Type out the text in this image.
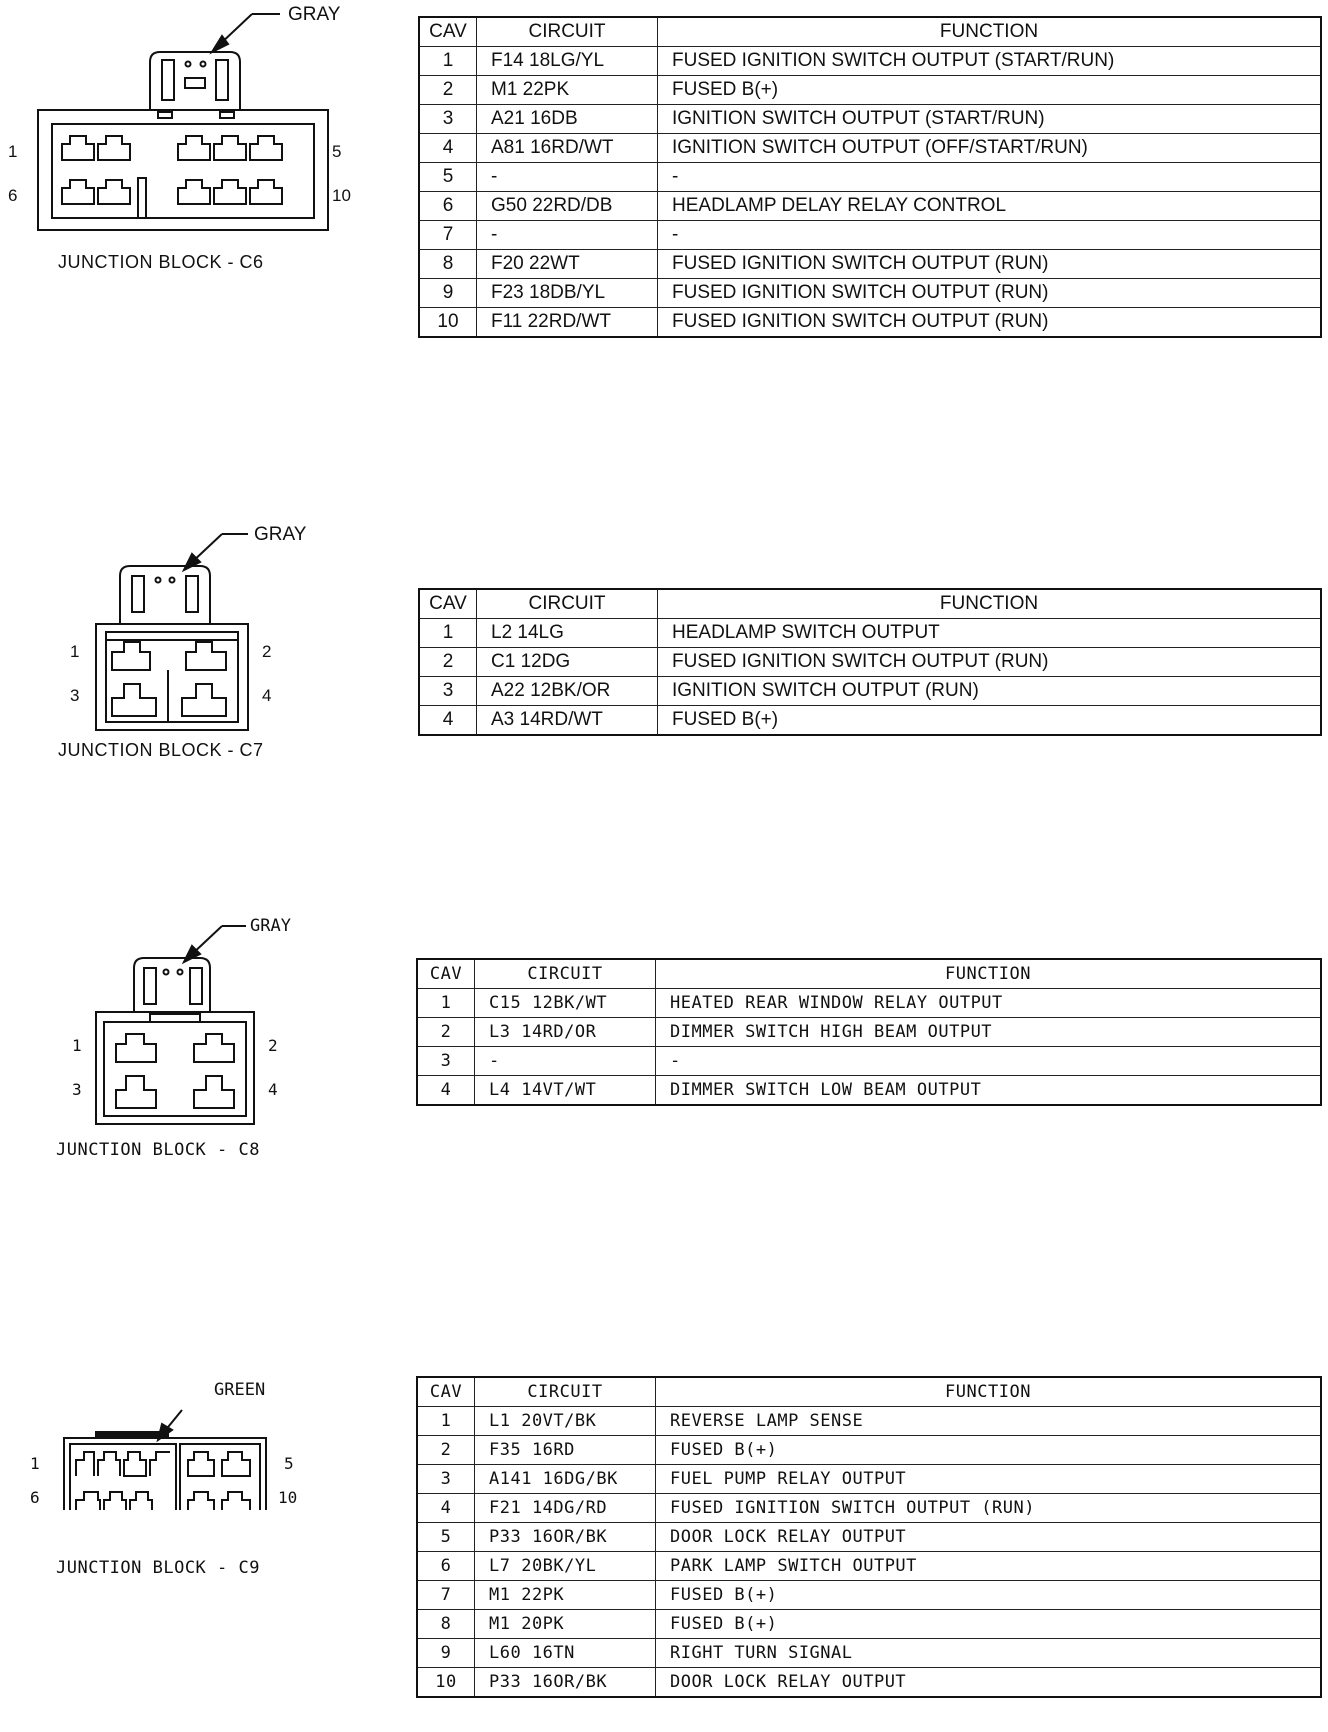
GRAY
1	5
6	10
JUNCTION BLOCK - C6
CAV	CIRCUIT	FUNCTION
1	F14 18LG/YL	FUSED IGNITION SWITCH OUTPUT (START/RUN)
2	M1 22PK	FUSED B(+)
3	A21 16DB	IGNITION SWITCH OUTPUT (START/RUN)
4	A81 16RD/WT	IGNITION SWITCH OUTPUT (OFF/START/RUN)
5	-	-
6	G50 22RD/DB	HEADLAMP DELAY RELAY CONTROL
7	-	-
8	F20 22WT	FUSED IGNITION SWITCH OUTPUT (RUN)
9	F23 18DB/YL	FUSED IGNITION SWITCH OUTPUT (RUN)
10	F11 22RD/WT	FUSED IGNITION SWITCH OUTPUT (RUN)
GRAY
1	2
3	4
JUNCTION BLOCK - C7
CAV	CIRCUIT	FUNCTION
1	L2 14LG	HEADLAMP SWITCH OUTPUT
2	C1 12DG	FUSED IGNITION SWITCH OUTPUT (RUN)
3	A22 12BK/OR	IGNITION SWITCH OUTPUT (RUN)
4	A3 14RD/WT	FUSED B(+)
GRAY
1	2
3	4
JUNCTION BLOCK - C8
CAV	CIRCUIT	FUNCTION
1	C15 12BK/WT	HEATED REAR WINDOW RELAY OUTPUT
2	L3 14RD/OR	DIMMER SWITCH HIGH BEAM OUTPUT
3	-	-
4	L4 14VT/WT	DIMMER SWITCH LOW BEAM OUTPUT
GREEN
1	5
6	10
JUNCTION BLOCK - C9
CAV	CIRCUIT	FUNCTION
1	L1 20VT/BK	REVERSE LAMP SENSE
2	F35 16RD	FUSED B(+)
3	A141 16DG/BK	FUEL PUMP RELAY OUTPUT
4	F21 14DG/RD	FUSED IGNITION SWITCH OUTPUT (RUN)
5	P33 16OR/BK	DOOR LOCK RELAY OUTPUT
6	L7 20BK/YL	PARK LAMP SWITCH OUTPUT
7	M1 22PK	FUSED B(+)
8	M1 20PK	FUSED B(+)
9	L60 16TN	RIGHT TURN SIGNAL
10	P33 16OR/BK	DOOR LOCK RELAY OUTPUT
